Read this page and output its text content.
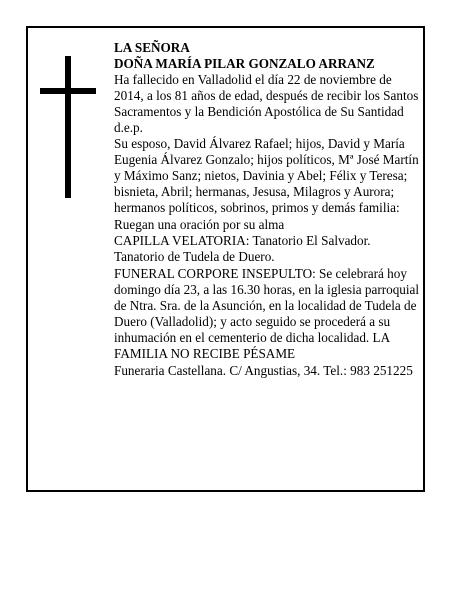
LA SEÑORA

DOÑA MARÍA PILAR GONZALO ARRANZ

Ha fallecido en Valladolid el día 22 de noviembre de 2014, a los 81 años de edad, después de recibir los Santos Sacramentos y la Bendición Apostólica de Su Santidad

d.e.p.

Su esposo, David Álvarez Rafael; hijos, David y María Eugenia Álvarez Gonzalo; hijos políticos, Mª José Martín y Máximo Sanz; nietos, Davinia y Abel; Félix y Teresa; bisnieta, Abril; hermanas, Jesusa, Milagros y Aurora; hermanos políticos, sobrinos, primos y demás familia:

Ruegan una oración por su alma

CAPILLA VELATORIA: Tanatorio El Salvador. Tanatorio de Tudela de Duero.

FUNERAL CORPORE INSEPULTO: Se celebrará hoy domingo día 23, a las 16.30 horas, en la iglesia parroquial de Ntra. Sra. de la Asunción, en la localidad de Tudela de Duero (Valladolid); y acto seguido se procederá a su inhumación en el cementerio de dicha localidad. LA FAMILIA NO RECIBE PÉSAME

Funeraria Castellana. C/ Angustias, 34. Tel.: 983 251225
